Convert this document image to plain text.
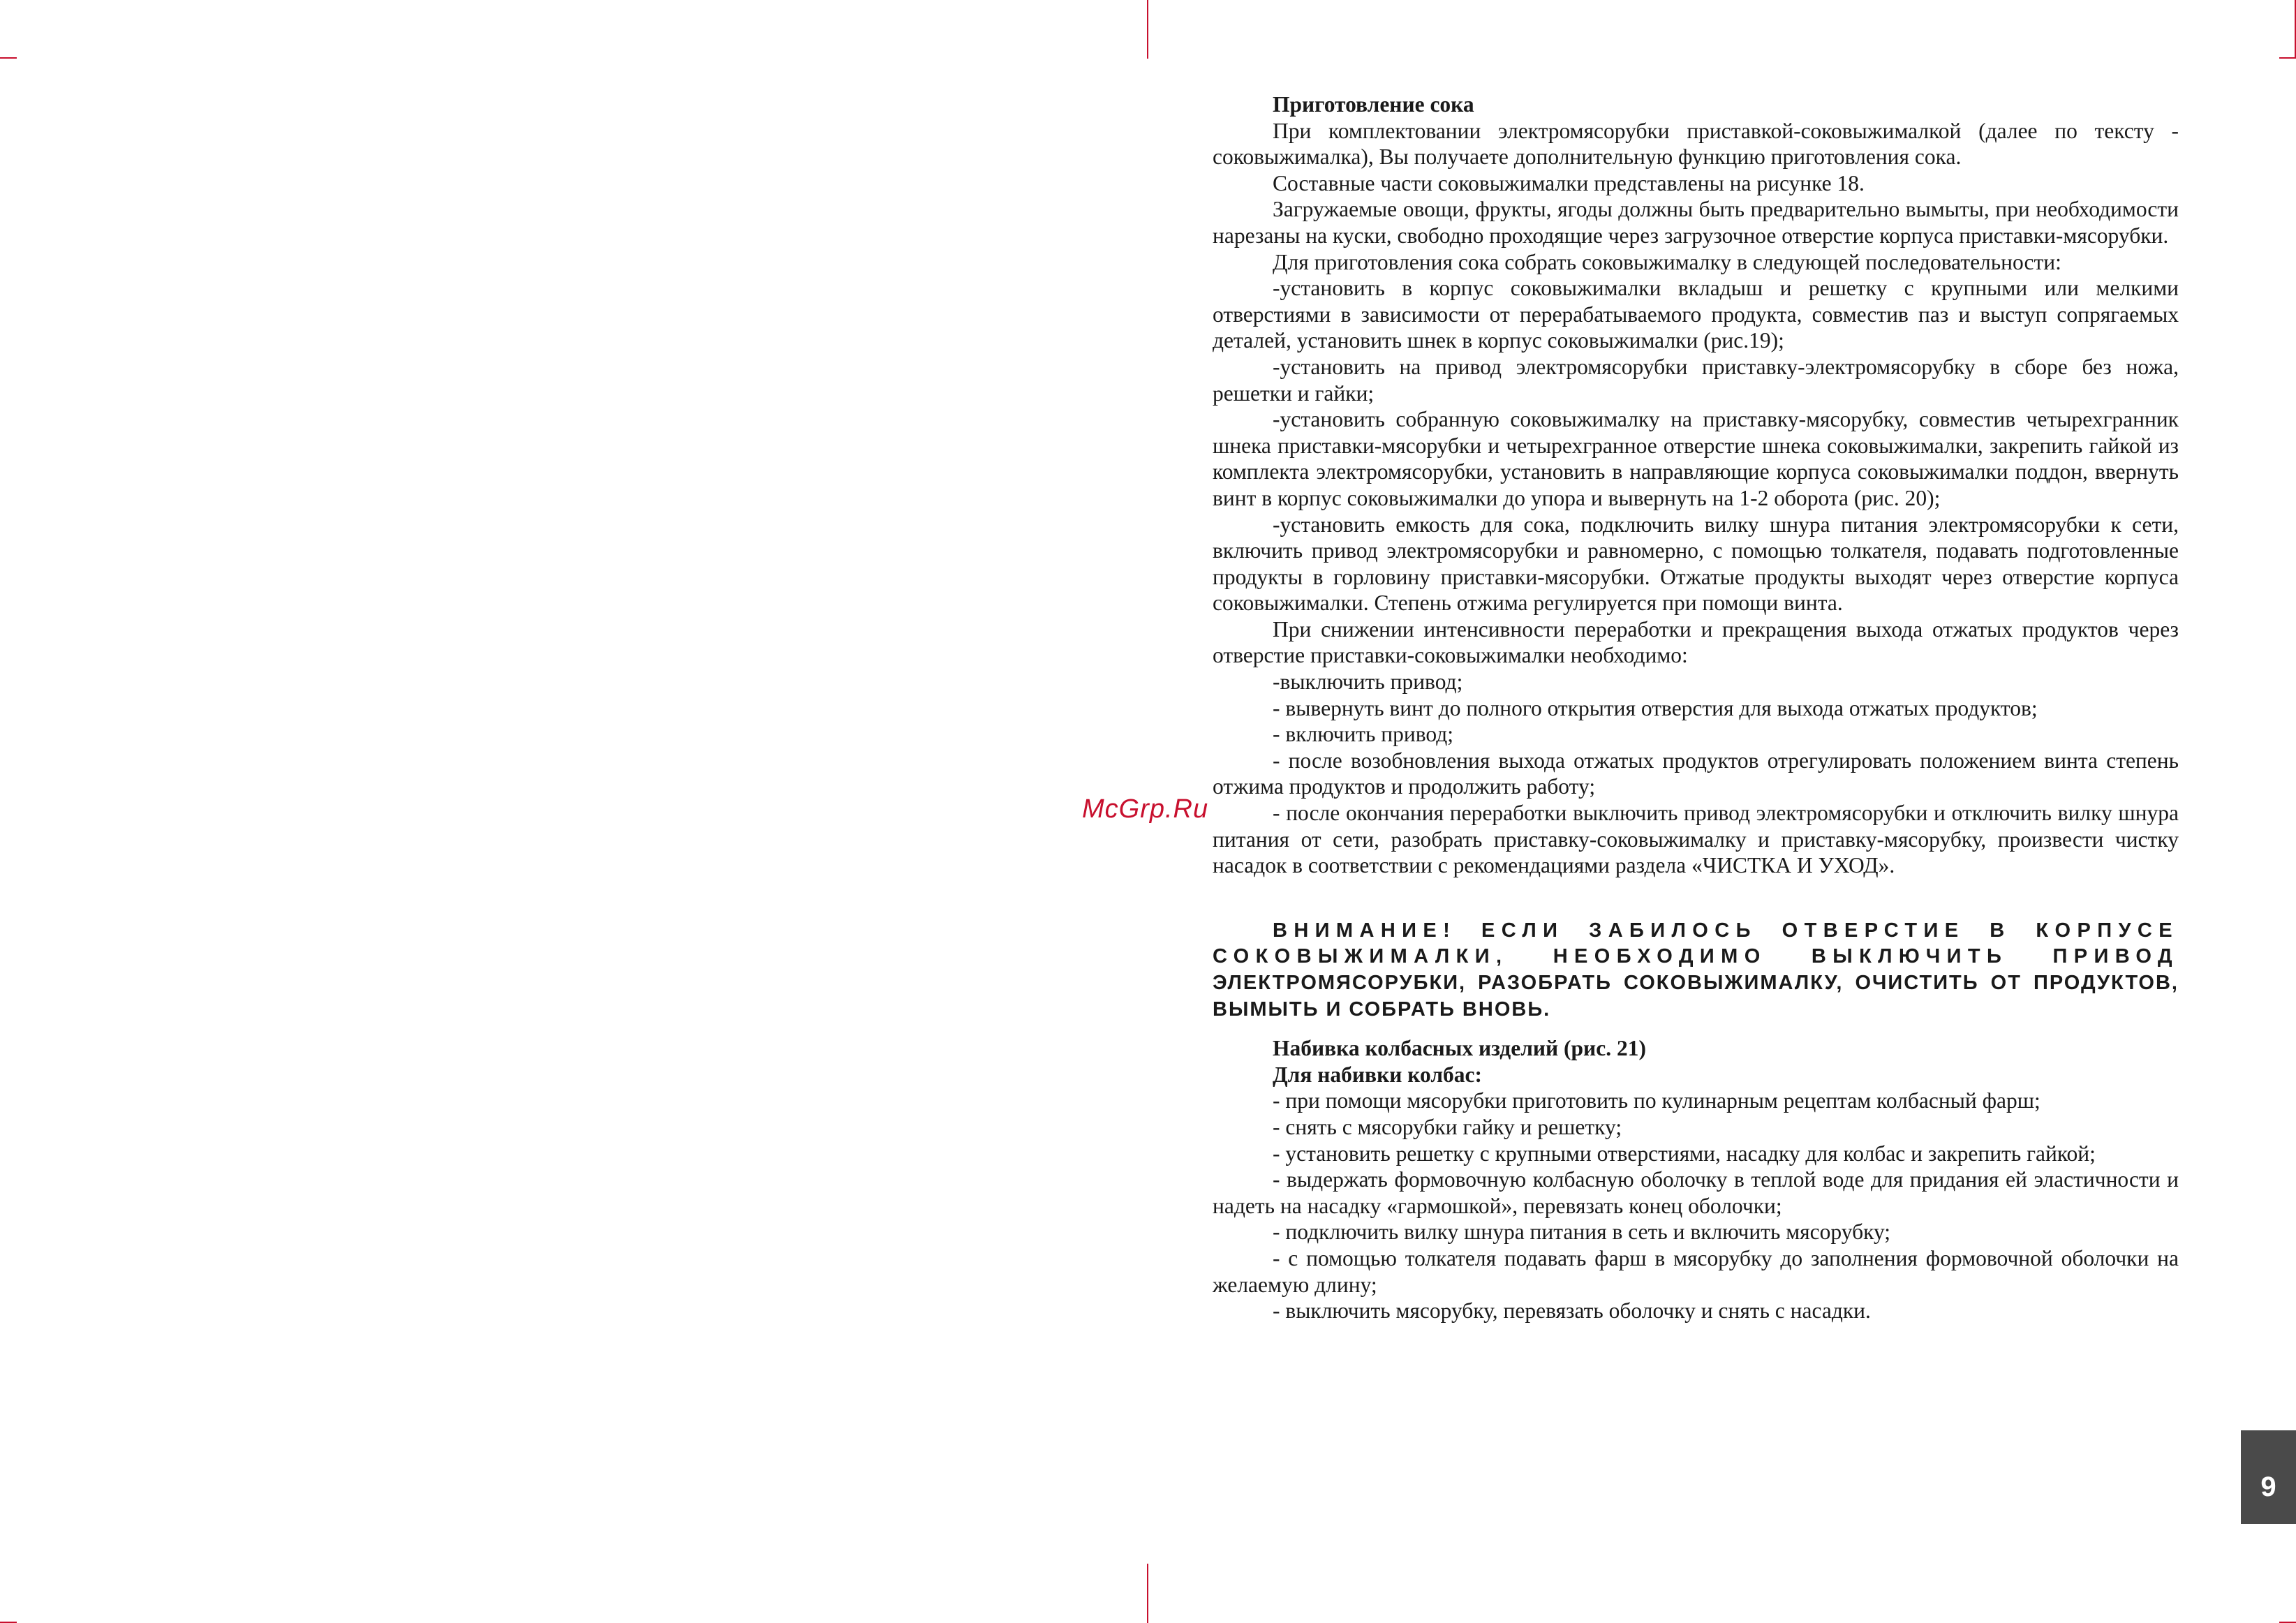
McGrp.Ru

Приготовление сока

При комплектовании электромясорубки приставкой-соковыжималкой (далее по тексту - соковыжималка), Вы получаете дополнительную функцию приготовления сока.

Составные части соковыжималки представлены на рисунке 18.

Загружаемые овощи, фрукты, ягоды должны быть предварительно вымыты, при необходимости нарезаны на куски, свободно проходящие через загрузочное отверстие корпуса приставки-мясорубки.

Для приготовления сока собрать соковыжималку в следующей последовательности:

-установить в корпус соковыжималки вкладыш и решетку с крупными или мелкими отверстиями в зависимости от перерабатываемого продукта, совместив паз и выступ сопрягаемых деталей, установить шнек в корпус соковыжималки (рис.19);

-установить на привод электромясорубки приставку-электромясорубку в сборе без ножа, решетки и гайки;

-установить собранную соковыжималку на приставку-мясорубку, совместив четырехгранник шнека приставки-мясорубки и четырехгранное отверстие шнека соковыжималки, закрепить гайкой из комплекта электромясорубки, установить в направляющие корпуса соковыжималки поддон, ввернуть винт в корпус соковыжималки до упора и вывернуть на 1-2 оборота (рис. 20);

-установить емкость для сока, подключить вилку шнура питания электромясорубки к сети, включить привод электромясорубки и равномерно, с помощью толкателя, подавать подготовленные продукты в горловину приставки-мясорубки. Отжатые продукты выходят через отверстие корпуса соковыжималки. Степень отжима регулируется при помощи винта.

При снижении интенсивности переработки и прекращения выхода отжатых продуктов через отверстие приставки-соковыжималки необходимо:

-выключить привод;

- вывернуть винт до полного открытия отверстия для выхода отжатых продуктов;

- включить привод;

- после возобновления выхода отжатых продуктов отрегулировать положением винта степень отжима продуктов и продолжить работу;

- после окончания переработки выключить привод электромясорубки и отключить вилку шнура питания от сети, разобрать приставку-соковыжималку и приставку-мясорубку, произвести чистку насадок в соответствии с рекомендациями раздела «ЧИСТКА И УХОД».

ВНИМАНИЕ! ЕСЛИ ЗАБИЛОСЬ ОТВЕРСТИЕ В КОРПУСЕ СОКОВЫЖИМАЛКИ, НЕОБХОДИМО ВЫКЛЮЧИТЬ ПРИВОД ЭЛЕКТРОМЯСОРУБКИ, РАЗОБРАТЬ СОКОВЫЖИМАЛКУ, ОЧИСТИТЬ ОТ ПРОДУКТОВ, ВЫМЫТЬ И СОБРАТЬ ВНОВЬ.

Набивка колбасных изделий (рис. 21)

Для набивки колбас:

- при помощи мясорубки приготовить по кулинарным рецептам колбасный фарш;

- снять с мясорубки гайку и решетку;

- установить решетку с крупными отверстиями, насадку для колбас и закрепить гайкой;

- выдержать формовочную колбасную оболочку в теплой воде для придания ей эластичности и надеть на насадку «гармошкой», перевязать конец оболочки;

- подключить вилку шнура питания в сеть и включить мясорубку;

- с помощью толкателя подавать фарш в мясорубку до заполнения формовочной оболочки на желаемую длину;

- выключить мясорубку, перевязать оболочку и снять с насадки.

9
